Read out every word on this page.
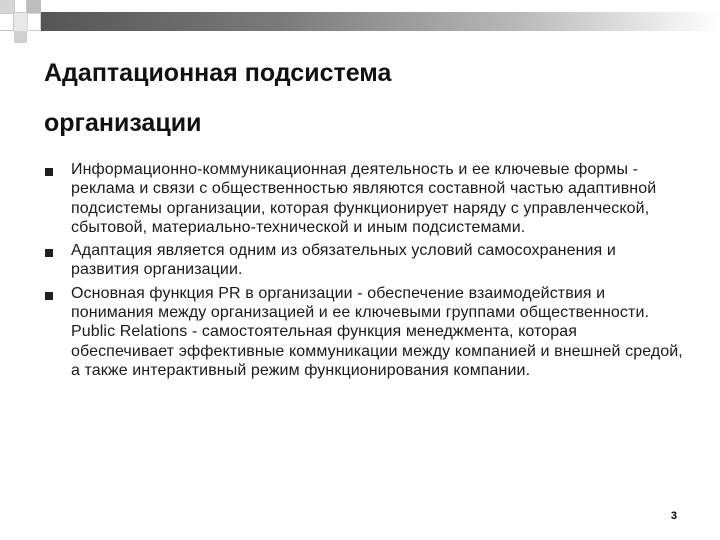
Адаптационная подсистема
организации
Информационно-коммуникационная деятельность и ее ключевые формы - реклама и связи с общественностью являются составной частью адаптивной подсистемы организации, которая функционирует наряду с управленческой, сбытовой, материально-технической и иным подсистемами.
Адаптация является одним из обязательных условий самосохранения и развития организации.
Основная функция PR в организации - обеспечение взаимодействия и понимания между организацией и ее ключевыми группами общественности. Public Relations - самостоятельная функция менеджмента, которая обеспечивает эффективные коммуникации между компанией и внешней средой, а также интерактивный режим функционирования компании.
3
